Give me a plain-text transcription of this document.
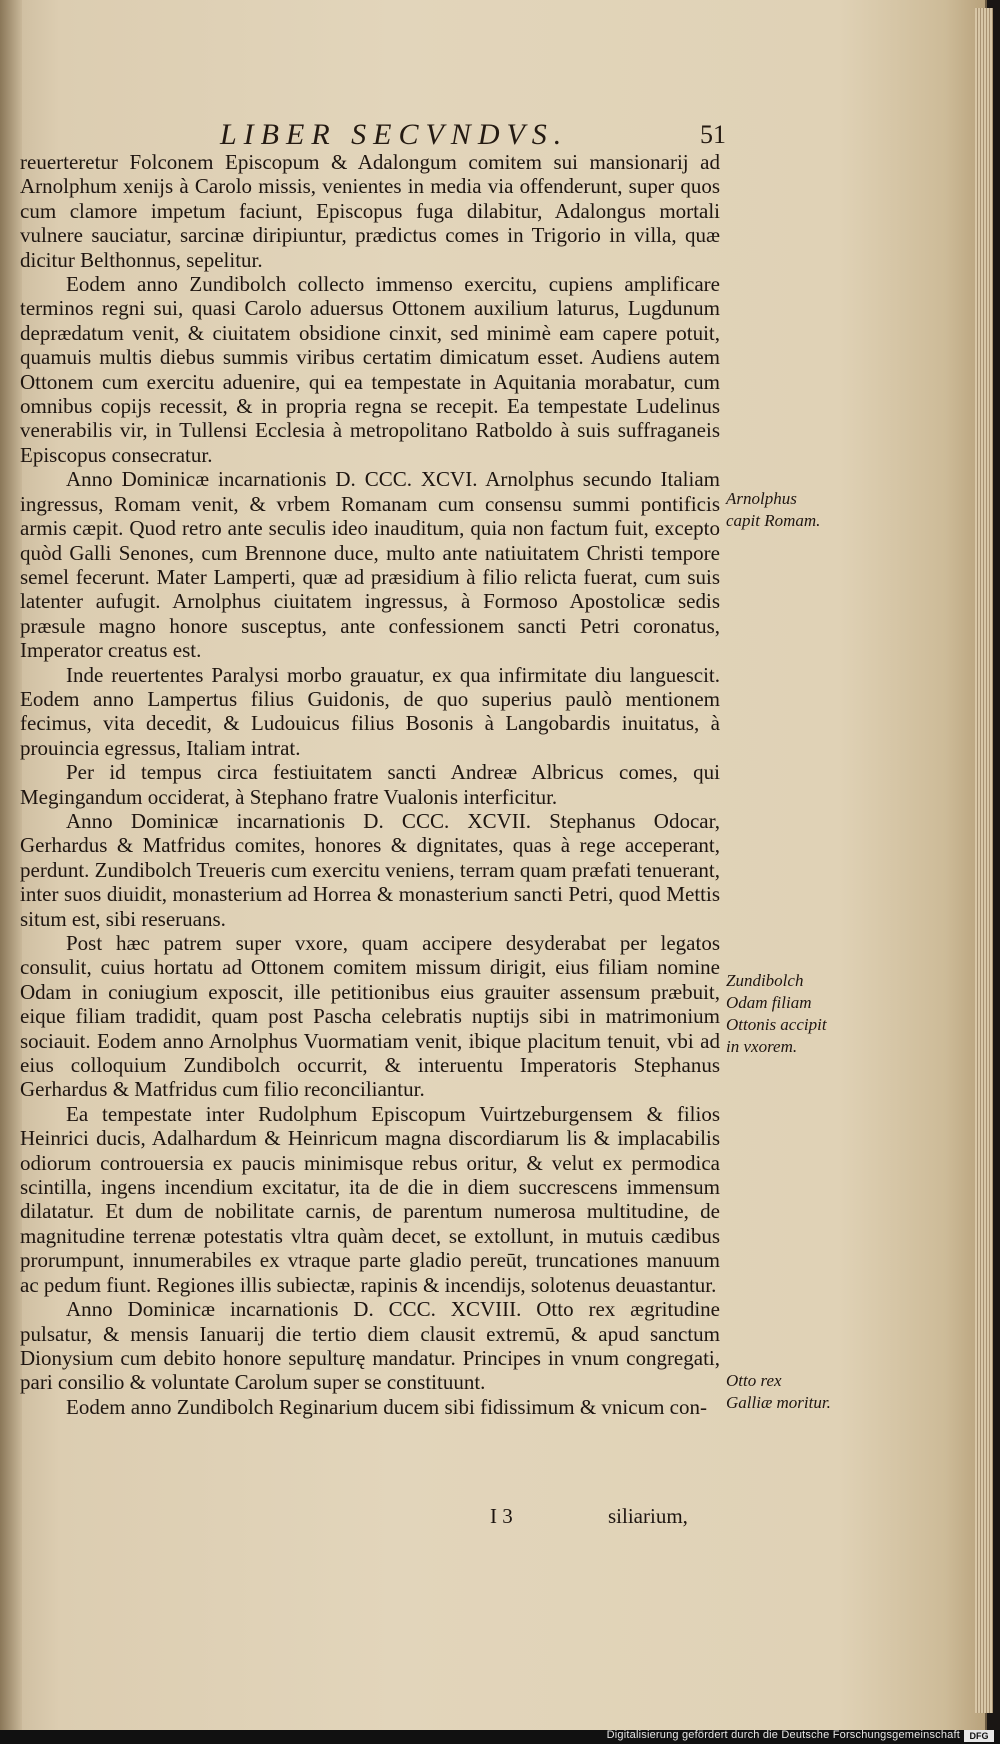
LIBER SECVNDVS.	51

reuerteretur Folconem Episcopum & Adalongum comitem sui mansionarij ad Arnolphum xenijs à Carolo missis, venientes in media via offenderunt, super quos cum clamore impetum faciunt, Episcopus fuga dilabitur, Adalongus mortali vulnere sauciatur, sarcinæ diripiuntur, prædictus comes in Trigorio in villa, quæ dicitur Belthonnus, sepelitur.

Eodem anno Zundibolch collecto immenso exercitu, cupiens amplificare terminos regni sui, quasi Carolo aduersus Ottonem auxilium laturus, Lugdunum deprædatum venit, & ciuitatem obsidione cinxit, sed minimè eam capere potuit, quamuis multis diebus summis viribus certatim dimicatum esset. Audiens autem Ottonem cum exercitu aduenire, qui ea tempestate in Aquitania morabatur, cum omnibus copijs recessit, & in propria regna se recepit. Ea tempestate Ludelinus venerabilis vir, in Tullensi Ecclesia à metropolitano Ratboldo à suis suffraganeis Episcopus consecratur.

Anno Dominicæ incarnationis D. CCC. XCVI. Arnolphus secundo Italiam ingressus, Romam venit, & vrbem Romanam cum consensu summi pontificis armis cæpit. Quod retro ante seculis ideo inauditum, quia non factum fuit, excepto quòd Galli Senones, cum Brennone duce, multo ante natiuitatem Christi tempore semel fecerunt. Mater Lamperti, quæ ad præsidium à filio relicta fuerat, cum suis latenter aufugit. Arnolphus ciuitatem ingressus, à Formoso Apostolicæ sedis præsule magno honore susceptus, ante confessionem sancti Petri coronatus, Imperator creatus est.

Inde reuertentes Paralysi morbo grauatur, ex qua infirmitate diu languescit. Eodem anno Lampertus filius Guidonis, de quo superius paulò mentionem fecimus, vita decedit, & Ludouicus filius Bosonis à Langobardis inuitatus, à prouincia egressus, Italiam intrat.

Per id tempus circa festiuitatem sancti Andreæ Albricus comes, qui Megingandum occiderat, à Stephano fratre Vualonis interficitur.

Anno Dominicæ incarnationis D. CCC. XCVII. Stephanus Odocar, Gerhardus & Matfridus comites, honores & dignitates, quas à rege acceperant, perdunt. Zundibolch Treueris cum exercitu veniens, terram quam præfati tenuerant, inter suos diuidit, monasterium ad Horrea & monasterium sancti Petri, quod Mettis situm est, sibi reseruans.

Post hæc patrem super vxore, quam accipere desyderabat per legatos consulit, cuius hortatu ad Ottonem comitem missum dirigit, eius filiam nomine Odam in coniugium exposcit, ille petitionibus eius grauiter assensum præbuit, eique filiam tradidit, quam post Pascha celebratis nuptijs sibi in matrimonium sociauit. Eodem anno Arnolphus Vuormatiam venit, ibique placitum tenuit, vbi ad eius colloquium Zundibolch occurrit, & interuentu Imperatoris Stephanus Gerhardus & Matfridus cum filio reconciliantur.

Ea tempestate inter Rudolphum Episcopum Vuirtzeburgensem & filios Heinrici ducis, Adalhardum & Heinricum magna discordiarum lis & implacabilis odiorum controuersia ex paucis minimisque rebus oritur, & velut ex permodica scintilla, ingens incendium excitatur, ita de die in diem succrescens immensum dilatatur. Et dum de nobilitate carnis, de parentum numerosa multitudine, de magnitudine terrenæ potestatis vltra quàm decet, se extollunt, in mutuis cædibus prorumpunt, innumerabiles ex vtraque parte gladio pereūt, truncationes manuum ac pedum fiunt. Regiones illis subiectæ, rapinis & incendijs, solotenus deuastantur.

Anno Dominicæ incarnationis D. CCC. XCVIII. Otto rex ægritudine pulsatur, & mensis Ianuarij die tertio diem clausit extremū, & apud sanctum Dionysium cum debito honore sepulturę mandatur. Principes in vnum congregati, pari consilio & voluntate Carolum super se constituunt.

Eodem anno Zundibolch Reginarium ducem sibi fidissimum & vnicum con-

Arnolphus capit Romam.
Zundibolch Odam filiam Ottonis accipit in vxorem.
Otto rex Galliæ moritur.
I 3	siliarium,
Digitalisierung gefördert durch die Deutsche Forschungsgemeinschaft	DFG
